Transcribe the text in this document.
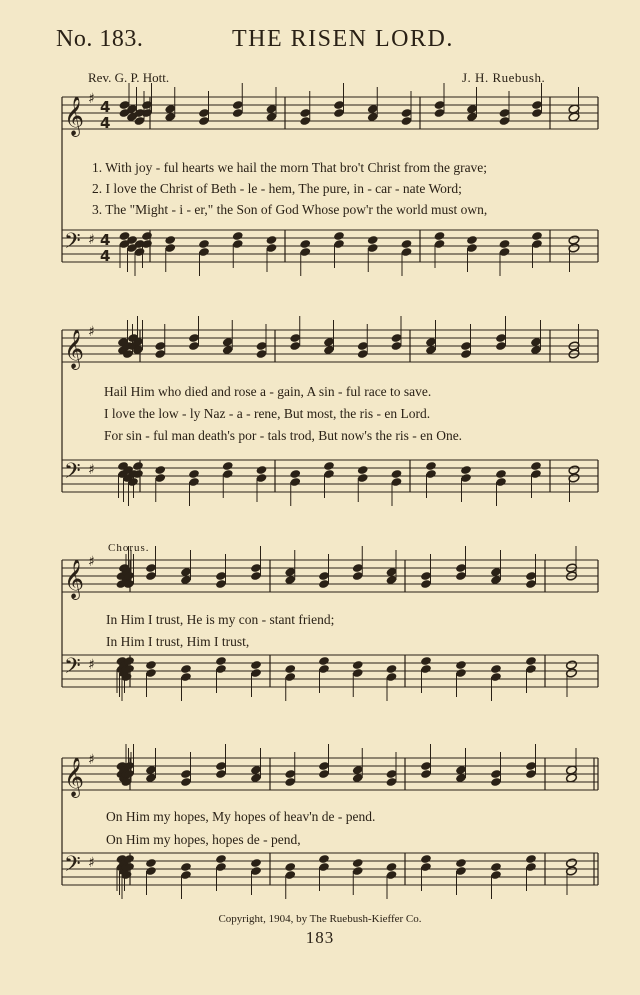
No. 183.	THE RISEN LORD.
Rev. G. P. Hott.	J. H. Ruebush.
𝄞 ♯ 4
4
𝄢 ♯ 4
4
𝄞 ♯
𝄢 ♯
𝄞 ♯
𝄢 ♯
𝄞 ♯
𝄢 ♯
1. With joy - ful hearts we hail the morn That bro't Christ from the grave;
2. I love the Christ of Beth - le - hem, The pure, in - car - nate Word;
3. The "Might - i - er," the Son of God Whose pow'r the world must own,
Hail Him who died and rose a - gain, A sin - ful race to save.
I love the low - ly Naz - a - rene, But most, the ris - en Lord.
For sin - ful man death's por - tals trod, But now's the ris - en One.
Chorus.
In Him I trust, He is my con - stant friend;
In Him I trust, Him I trust,
On Him my hopes, My hopes of heav'n de - pend.
On Him my hopes, hopes de - pend,
Copyright, 1904, by The Ruebush-Kieffer Co.
183
